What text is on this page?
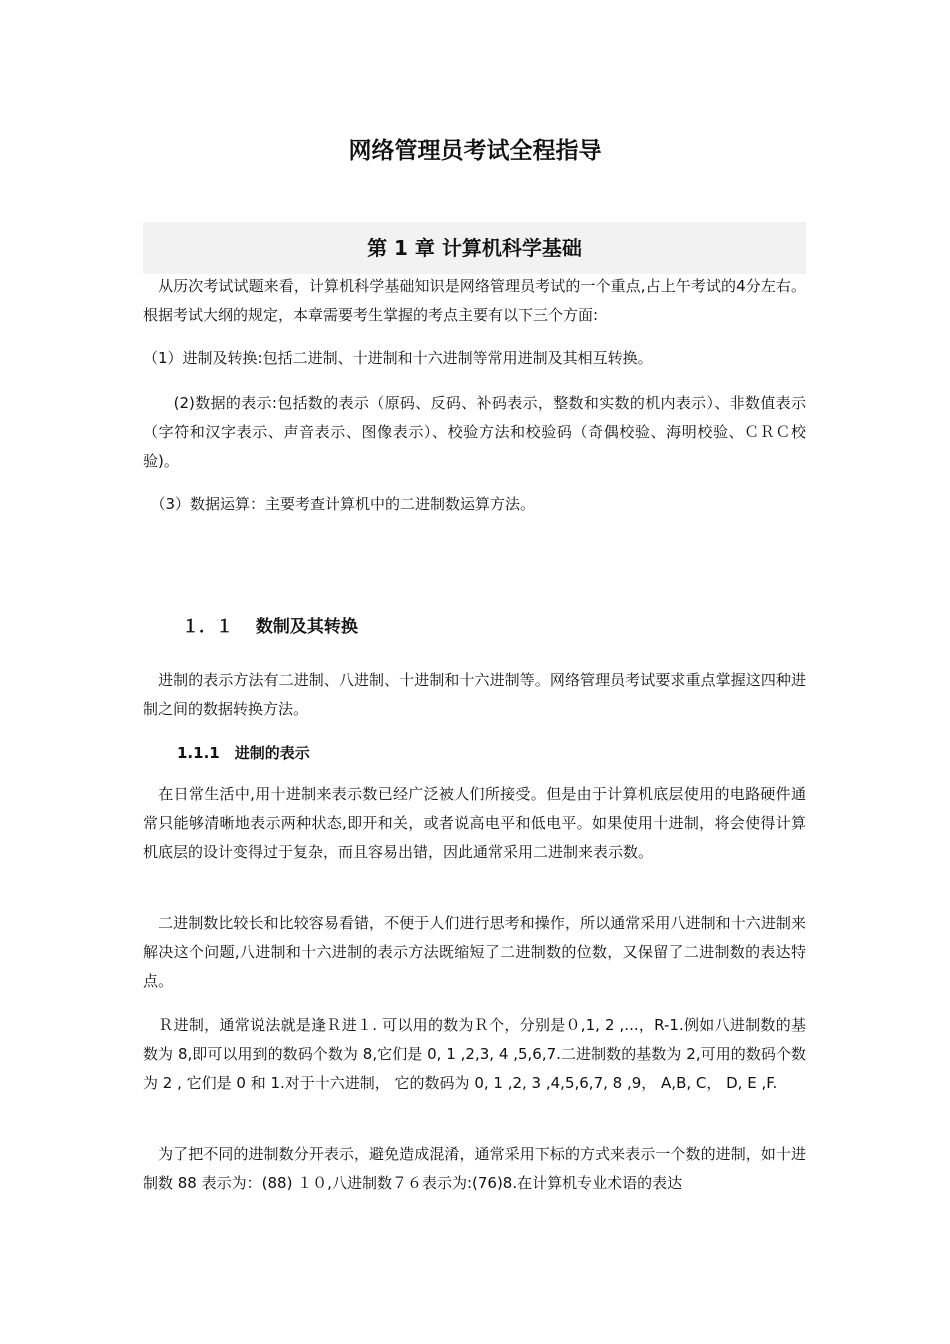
网络管理员考试全程指导
第 1 章 计算机科学基础

　从历次考试试题来看，计算机科学基础知识是网络管理员考试的一个重点,占上午考试的4分左右。根据考试大纲的规定，本章需要考生掌握的考点主要有以下三个方面:

（1）进制及转换:包括二进制、十进制和十六进制等常用进制及其相互转换。

　　(2)数据的表示:包括数的表示（原码、反码、补码表示，整数和实数的机内表示）、非数值表示（字符和汉字表示、声音表示、图像表示）、校验方法和校验码（奇偶校验、海明校验、ＣＲＣ校验)。

　（3）数据运算：主要考查计算机中的二进制数运算方法。

１．１　 数制及其转换

　进制的表示方法有二进制、八进制、十进制和十六进制等。网络管理员考试要求重点掌握这四种进制之间的数据转换方法。

1.1.1　进制的表示

　在日常生活中,用十进制来表示数已经广泛被人们所接受。但是由于计算机底层使用的电路硬件通常只能够清晰地表示两种状态,即开和关，或者说高电平和低电平。如果使用十进制，将会使得计算机底层的设计变得过于复杂，而且容易出错，因此通常采用二进制来表示数。

　二进制数比较长和比较容易看错，不便于人们进行思考和操作，所以通常采用八进制和十六进制来解决这个问题,八进制和十六进制的表示方法既缩短了二进制数的位数，又保留了二进制数的表达特点。

　Ｒ进制，通常说法就是逢Ｒ进１. 可以用的数为Ｒ个，分别是０,1, 2 ,...，R-1.例如八进制数的基数为 8,即可以用到的数码个数为 8,它们是 0, 1 ,2,3, 4 ,5,6,7.二进制数的基数为 2,可用的数码个数为 2 , 它们是 0 和 1.对于十六进制， 它的数码为 0, 1 ,2, 3 ,4,5,6,7, 8 ,9， A,B, C， D, E ,F.

　为了把不同的进制数分开表示，避免造成混淆，通常采用下标的方式来表示一个数的进制，如十进制数 88 表示为：(88) １０,八进制数７６表示为:(76)8.在计算机专业术语的表达
